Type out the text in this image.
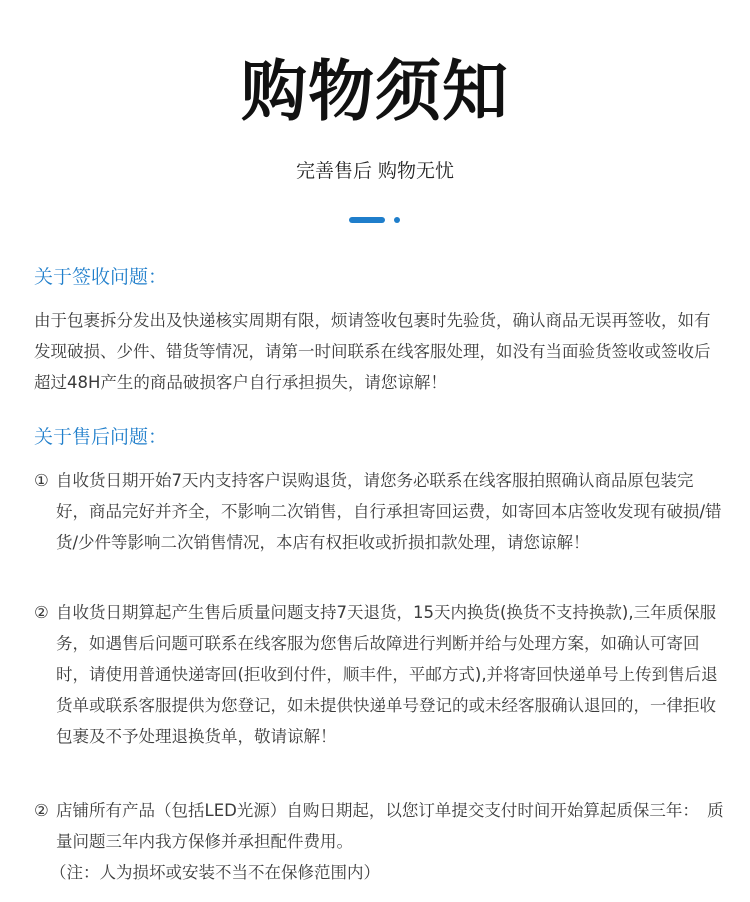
购物须知
完善售后 购物无忧
关于签收问题：

由于包裹拆分发出及快递核实周期有限，烦请签收包裹时先验货，确认商品无误再签收，如有发现破损、少件、错货等情况，请第一时间联系在线客服处理，如没有当面验货签收或签收后超过48H产生的商品破损客户自行承担损失，请您谅解！

关于售后问题：
① 自收货日期开始7天内支持客户误购退货，请您务必联系在线客服拍照确认商品原包装完好，商品完好并齐全，不影响二次销售，自行承担寄回运费，如寄回本店签收发现有破损/错货/少件等影响二次销售情况，本店有权拒收或折损扣款处理，请您谅解！
② 自收货日期算起产生售后质量问题支持7天退货，15天内换货(换货不支持换款),三年质保服务，如遇售后问题可联系在线客服为您售后故障进行判断并给与处理方案，如确认可寄回时，请使用普通快递寄回(拒收到付件，顺丰件，平邮方式),并将寄回快递单号上传到售后退货单或联系客服提供为您登记，如未提供快递单号登记的或未经客服确认退回的，一律拒收包裹及不予处理退换货单，敬请谅解！
② 店铺所有产品（包括LED光源）自购日期起，以您订单提交支付时间开始算起质保三年：　质量问题三年内我方保修并承担配件费用。
（注：人为损坏或安装不当不在保修范围内）
